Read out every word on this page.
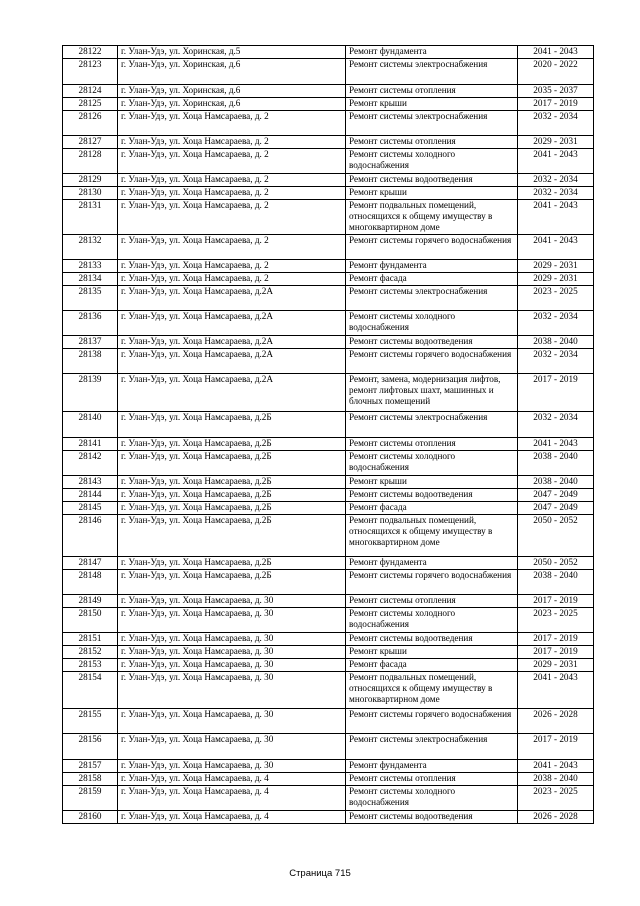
28122	г. Улан-Удэ, ул. Хоринская, д.5	Ремонт фундамента	2041 - 2043
28123	г. Улан-Удэ, ул. Хоринская, д.6	Ремонт системы электроснабжения	2020 - 2022
28124	г. Улан-Удэ, ул. Хоринская, д.6	Ремонт системы отопления	2035 - 2037
28125	г. Улан-Удэ, ул. Хоринская, д.6	Ремонт крыши	2017 - 2019
28126	г. Улан-Удэ, ул. Хоца Намсараева, д. 2	Ремонт системы электроснабжения	2032 - 2034
28127	г. Улан-Удэ, ул. Хоца Намсараева, д. 2	Ремонт системы отопления	2029 - 2031
28128	г. Улан-Удэ, ул. Хоца Намсараева, д. 2	Ремонт системы холодного водоснабжения	2041 - 2043
28129	г. Улан-Удэ, ул. Хоца Намсараева, д. 2	Ремонт системы водоотведения	2032 - 2034
28130	г. Улан-Удэ, ул. Хоца Намсараева, д. 2	Ремонт крыши	2032 - 2034
28131	г. Улан-Удэ, ул. Хоца Намсараева, д. 2	Ремонт подвальных помещений, относящихся к общему имуществу в многоквартирном доме	2041 - 2043
28132	г. Улан-Удэ, ул. Хоца Намсараева, д. 2	Ремонт системы горячего водоснабжения	2041 - 2043
28133	г. Улан-Удэ, ул. Хоца Намсараева, д. 2	Ремонт фундамента	2029 - 2031
28134	г. Улан-Удэ, ул. Хоца Намсараева, д. 2	Ремонт фасада	2029 - 2031
28135	г. Улан-Удэ, ул. Хоца Намсараева, д.2А	Ремонт системы электроснабжения	2023 - 2025
28136	г. Улан-Удэ, ул. Хоца Намсараева, д.2А	Ремонт системы холодного водоснабжения	2032 - 2034
28137	г. Улан-Удэ, ул. Хоца Намсараева, д.2А	Ремонт системы водоотведения	2038 - 2040
28138	г. Улан-Удэ, ул. Хоца Намсараева, д.2А	Ремонт системы горячего водоснабжения	2032 - 2034
28139	г. Улан-Удэ, ул. Хоца Намсараева, д.2А	Ремонт, замена, модернизация лифтов, ремонт лифтовых шахт, машинных и блочных помещений	2017 - 2019
28140	г. Улан-Удэ, ул. Хоца Намсараева, д.2Б	Ремонт системы электроснабжения	2032 - 2034
28141	г. Улан-Удэ, ул. Хоца Намсараева, д.2Б	Ремонт системы отопления	2041 - 2043
28142	г. Улан-Удэ, ул. Хоца Намсараева, д.2Б	Ремонт системы холодного водоснабжения	2038 - 2040
28143	г. Улан-Удэ, ул. Хоца Намсараева, д.2Б	Ремонт крыши	2038 - 2040
28144	г. Улан-Удэ, ул. Хоца Намсараева, д.2Б	Ремонт системы водоотведения	2047 - 2049
28145	г. Улан-Удэ, ул. Хоца Намсараева, д.2Б	Ремонт фасада	2047 - 2049
28146	г. Улан-Удэ, ул. Хоца Намсараева, д.2Б	Ремонт подвальных помещений, относящихся к общему имуществу в многоквартирном доме	2050 - 2052
28147	г. Улан-Удэ, ул. Хоца Намсараева, д.2Б	Ремонт фундамента	2050 - 2052
28148	г. Улан-Удэ, ул. Хоца Намсараева, д.2Б	Ремонт системы горячего водоснабжения	2038 - 2040
28149	г. Улан-Удэ, ул. Хоца Намсараева, д. 30	Ремонт системы отопления	2017 - 2019
28150	г. Улан-Удэ, ул. Хоца Намсараева, д. 30	Ремонт системы холодного водоснабжения	2023 - 2025
28151	г. Улан-Удэ, ул. Хоца Намсараева, д. 30	Ремонт системы водоотведения	2017 - 2019
28152	г. Улан-Удэ, ул. Хоца Намсараева, д. 30	Ремонт крыши	2017 - 2019
28153	г. Улан-Удэ, ул. Хоца Намсараева, д. 30	Ремонт фасада	2029 - 2031
28154	г. Улан-Удэ, ул. Хоца Намсараева, д. 30	Ремонт подвальных помещений, относящихся к общему имуществу в многоквартирном доме	2041 - 2043
28155	г. Улан-Удэ, ул. Хоца Намсараева, д. 30	Ремонт системы горячего водоснабжения	2026 - 2028
28156	г. Улан-Удэ, ул. Хоца Намсараева, д. 30	Ремонт системы электроснабжения	2017 - 2019
28157	г. Улан-Удэ, ул. Хоца Намсараева, д. 30	Ремонт фундамента	2041 - 2043
28158	г. Улан-Удэ, ул. Хоца Намсараева, д. 4	Ремонт системы отопления	2038 - 2040
28159	г. Улан-Удэ, ул. Хоца Намсараева, д. 4	Ремонт системы холодного водоснабжения	2023 - 2025
28160	г. Улан-Удэ, ул. Хоца Намсараева, д. 4	Ремонт системы водоотведения	2026 - 2028
Страница 715
